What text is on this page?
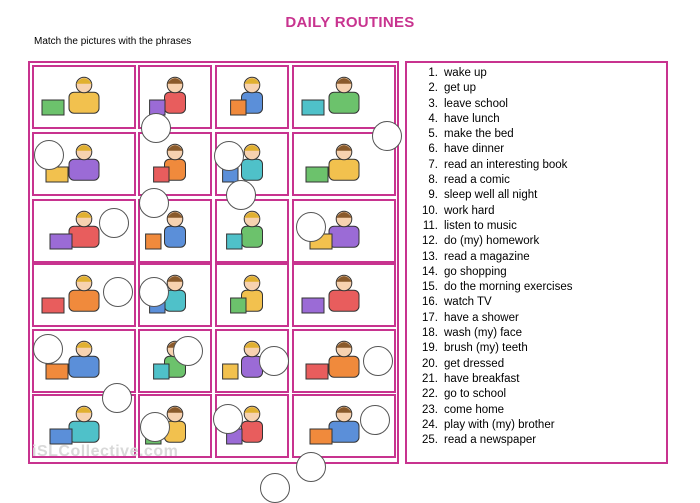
DAILY ROUTINES
Match the pictures with the phrases
1. wake up
2. get up
3. leave school
4. have lunch
5. make the bed
6. have dinner
7. read an interesting book
8. read a comic
9. sleep well all night
10. work hard
11. listen to music
12. do (my) homework
13. read a magazine
14. go shopping
15. do the morning exercises
16. watch TV
17. have a shower
18. wash (my) face
19. brush (my) teeth
20. get dressed
21. have breakfast
22. go to school
23. come home
24. play with (my) brother
25. read a newspaper
iSLCollective.com
